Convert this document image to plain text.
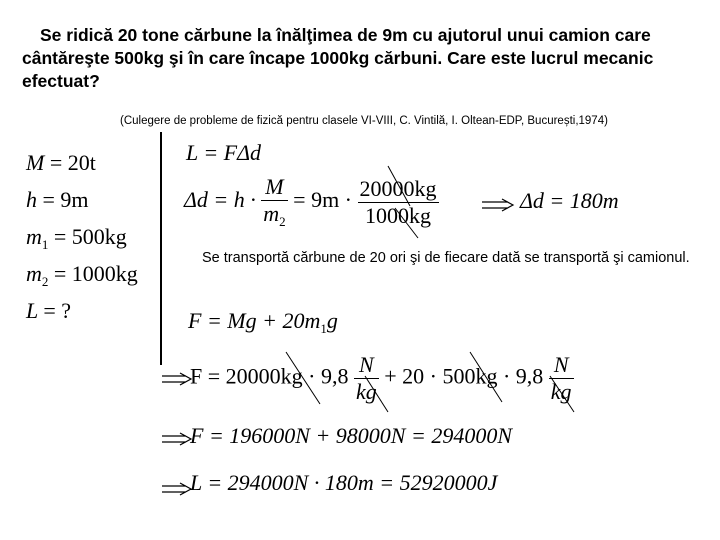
Se ridică 20 tone cărbune la înălţimea de 9m cu ajutorul unui camion care cântăreşte 500kg şi în care încape 1000kg cărbuni. Care este lucrul mecanic efectuat?

(Culegere de probleme de fizică pentru clasele VI-VIII, C. Vintilă, I. Oltean-EDP, București,1974)
M = 20t
h = 9m
$m_1 = 500kg$
$m_2 = 1000kg$
L = ?
L = FΔd
$\Delta d = h \cdot \frac{M}{m_2} = 9m \cdot \frac{20000kg}{1000kg}$	Δd = 180m
Se transportă cărbune de 20 ori şi de fiecare dată se transportă şi camionul.
$F = Mg + 20m_1g$
$F = 20000kg \cdot 9,8 \frac{N}{kg} + 20 \cdot 500kg \cdot 9,8 \frac{N}{kg}$
F = 196000N + 98000N = 294000N
L = 294000N · 180m = 52920000J
